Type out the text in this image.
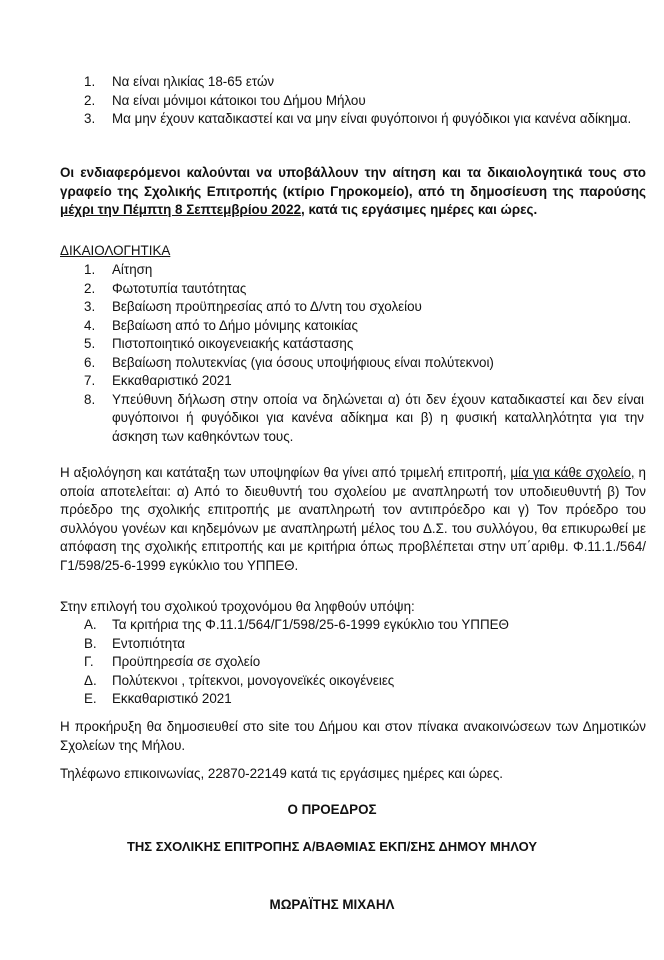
1. Να είναι ηλικίας 18-65 ετών
2. Να είναι μόνιμοι κάτοικοι του Δήμου Μήλου
3. Μα μην έχουν καταδικαστεί και να μην είναι φυγόποινοι ή φυγόδικοι για κανένα αδίκημα.

Οι ενδιαφερόμενοι καλούνται να υποβάλλουν την αίτηση και τα δικαιολογητικά τους στο γραφείο της Σχολικής Επιτροπής (κτίριο Γηροκομείο), από τη δημοσίευση της παρούσης μέχρι την Πέμπτη 8 Σεπτεμβρίου 2022, κατά τις εργάσιμες ημέρες και ώρες.

ΔΙΚΑΙΟΛΟΓΗΤΙΚΑ
1. Αίτηση
2. Φωτοτυπία ταυτότητας
3. Βεβαίωση προϋπηρεσίας από το Δ/ντη του σχολείου
4. Βεβαίωση από το Δήμο μόνιμης κατοικίας
5. Πιστοποιητικό οικογενειακής κατάστασης
6. Βεβαίωση πολυτεκνίας (για όσους υποψήφιους είναι πολύτεκνοι)
7. Εκκαθαριστικό 2021
8. Υπεύθυνη δήλωση στην οποία να δηλώνεται α) ότι δεν έχουν καταδικαστεί και δεν είναι φυγόποινοι ή φυγόδικοι για κανένα αδίκημα και β) η φυσική καταλληλότητα για την άσκηση των καθηκόντων τους.

Η αξιολόγηση και κατάταξη των υποψηφίων θα γίνει από τριμελή επιτροπή, μία για κάθε σχολείο, η οποία αποτελείται: α) Από το διευθυντή του σχολείου με αναπληρωτή τον υποδιευθυντή β) Τον πρόεδρο της σχολικής επιτροπής με αναπληρωτή τον αντιπρόεδρο και γ) Τον πρόεδρο του συλλόγου γονέων και κηδεμόνων με αναπληρωτή μέλος του Δ.Σ. του συλλόγου, θα επικυρωθεί με απόφαση της σχολικής επιτροπής και με κριτήρια όπως προβλέπεται στην υπ΄αριθμ. Φ.11.1./564/Γ1/598/25-6-1999 εγκύκλιο του ΥΠΠΕΘ.

Στην επιλογή του σχολικού τροχονόμου θα ληφθούν υπόψη:
Α. Τα κριτήρια της Φ.11.1/564/Γ1/598/25-6-1999 εγκύκλιο του ΥΠΠΕΘ
Β. Εντοπιότητα
Γ. Προϋπηρεσία σε σχολείο
Δ. Πολύτεκνοι , τρίτεκνοι, μονογονεϊκές οικογένειες
Ε. Εκκαθαριστικό 2021

Η προκήρυξη θα δημοσιευθεί στο site του Δήμου και στον πίνακα ανακοινώσεων των Δημοτικών Σχολείων της Μήλου.

Τηλέφωνο επικοινωνίας, 22870-22149 κατά τις εργάσιμες ημέρες και ώρες.
Ο ΠΡΟΕΔΡΟΣ
ΤΗΣ ΣΧΟΛΙΚΗΣ ΕΠΙΤΡΟΠΗΣ Α/ΒΑΘΜΙΑΣ ΕΚΠ/ΣΗΣ ΔΗΜΟΥ ΜΗΛΟΥ
ΜΩΡΑΪΤΗΣ ΜΙΧΑΗΛ
